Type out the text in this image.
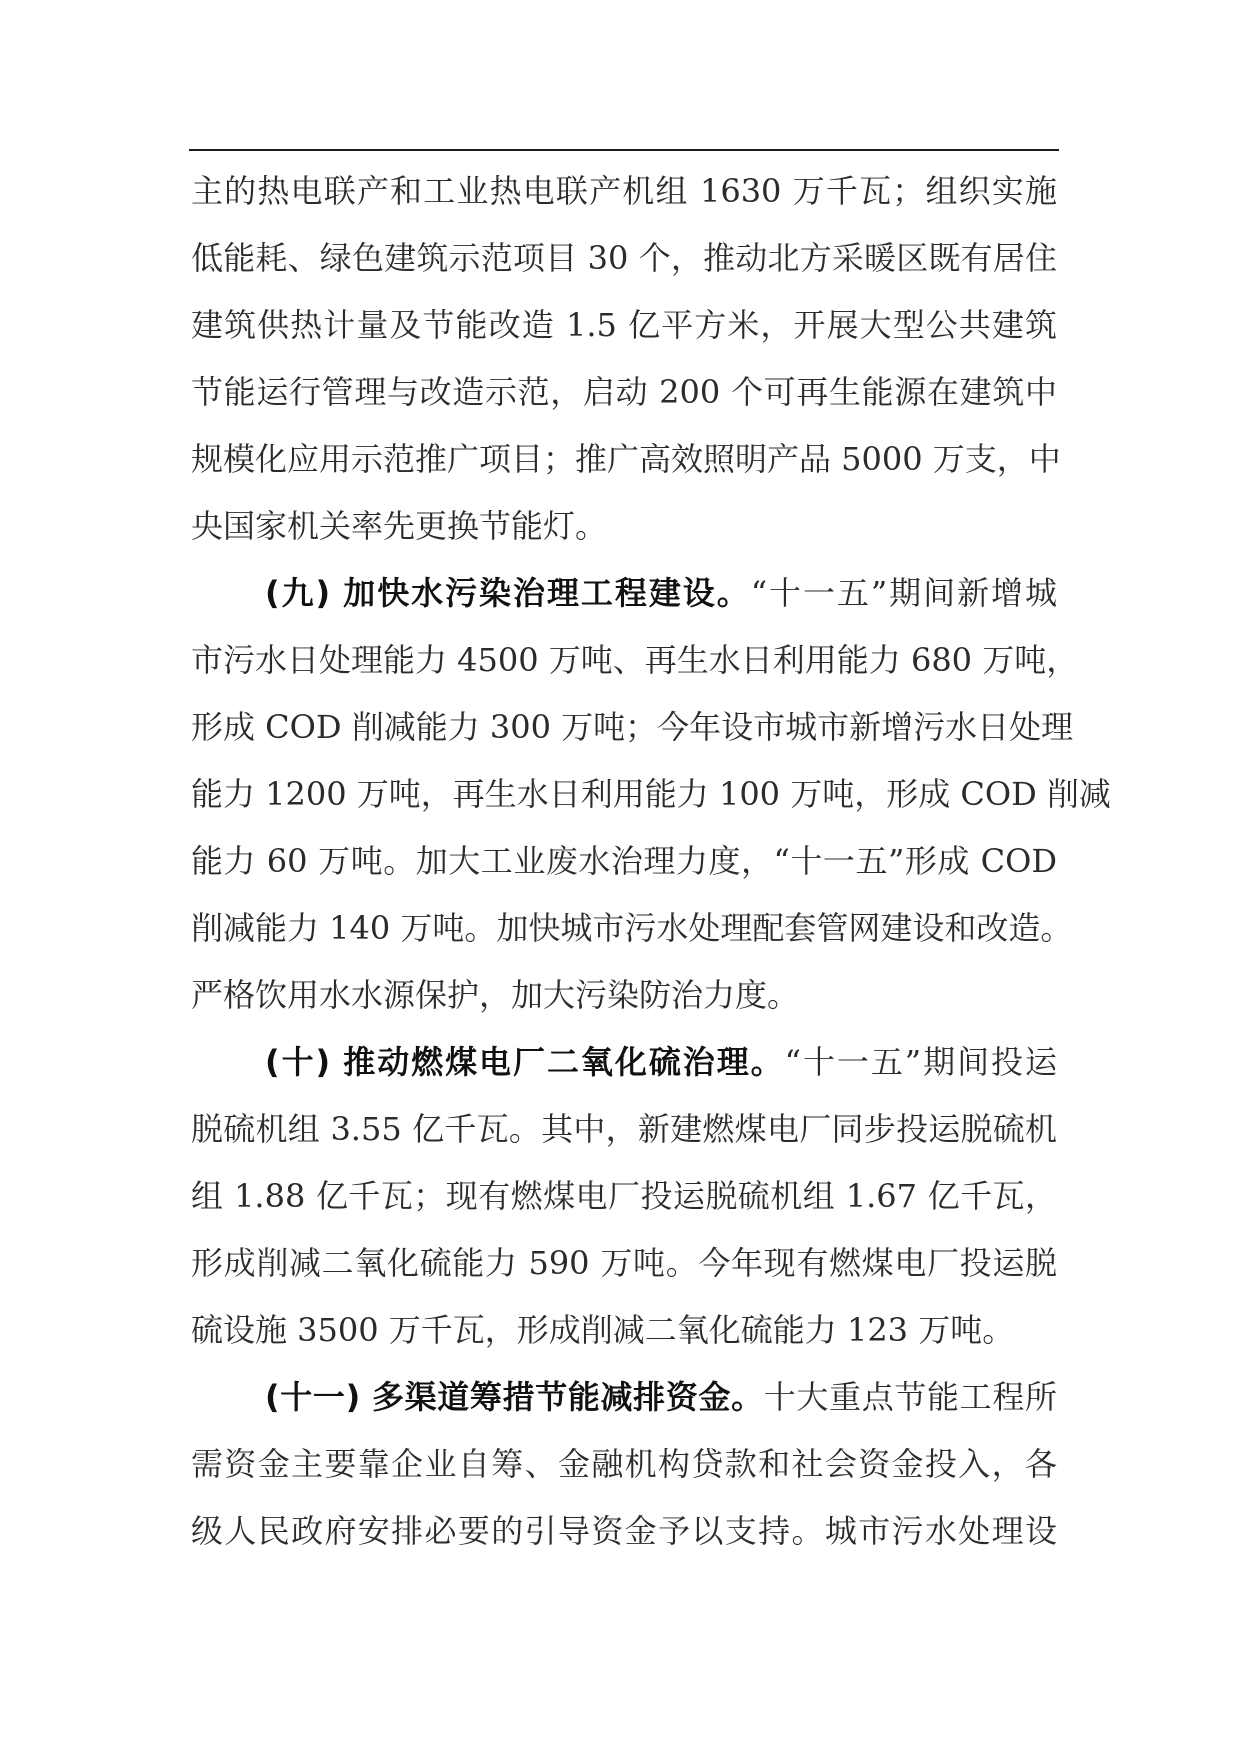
主的热电联产和工业热电联产机组 1630 万千瓦；组织实施
低能耗、绿色建筑示范项目 30 个，推动北方采暖区既有居住
建筑供热计量及节能改造 1.5 亿平方米，开展大型公共建筑
节能运行管理与改造示范，启动 200 个可再生能源在建筑中
规模化应用示范推广项目；推广高效照明产品 5000 万支，中
央国家机关率先更换节能灯。
(九) 加快水污染治理工程建设。“十一五”期间新增城
市污水日处理能力 4500 万吨、再生水日利用能力 680 万吨，
形成 COD 削减能力 300 万吨；今年设市城市新增污水日处理
能力 1200 万吨，再生水日利用能力 100 万吨，形成 COD 削减
能力 60 万吨。加大工业废水治理力度，“十一五”形成 COD
削减能力 140 万吨。加快城市污水处理配套管网建设和改造。
严格饮用水水源保护，加大污染防治力度。
(十) 推动燃煤电厂二氧化硫治理。“十一五”期间投运
脱硫机组 3.55 亿千瓦。其中，新建燃煤电厂同步投运脱硫机
组 1.88 亿千瓦；现有燃煤电厂投运脱硫机组 1.67 亿千瓦，
形成削减二氧化硫能力 590 万吨。今年现有燃煤电厂投运脱
硫设施 3500 万千瓦，形成削减二氧化硫能力 123 万吨。
(十一) 多渠道筹措节能减排资金。十大重点节能工程所
需资金主要靠企业自筹、金融机构贷款和社会资金投入，各
级人民政府安排必要的引导资金予以支持。城市污水处理设
